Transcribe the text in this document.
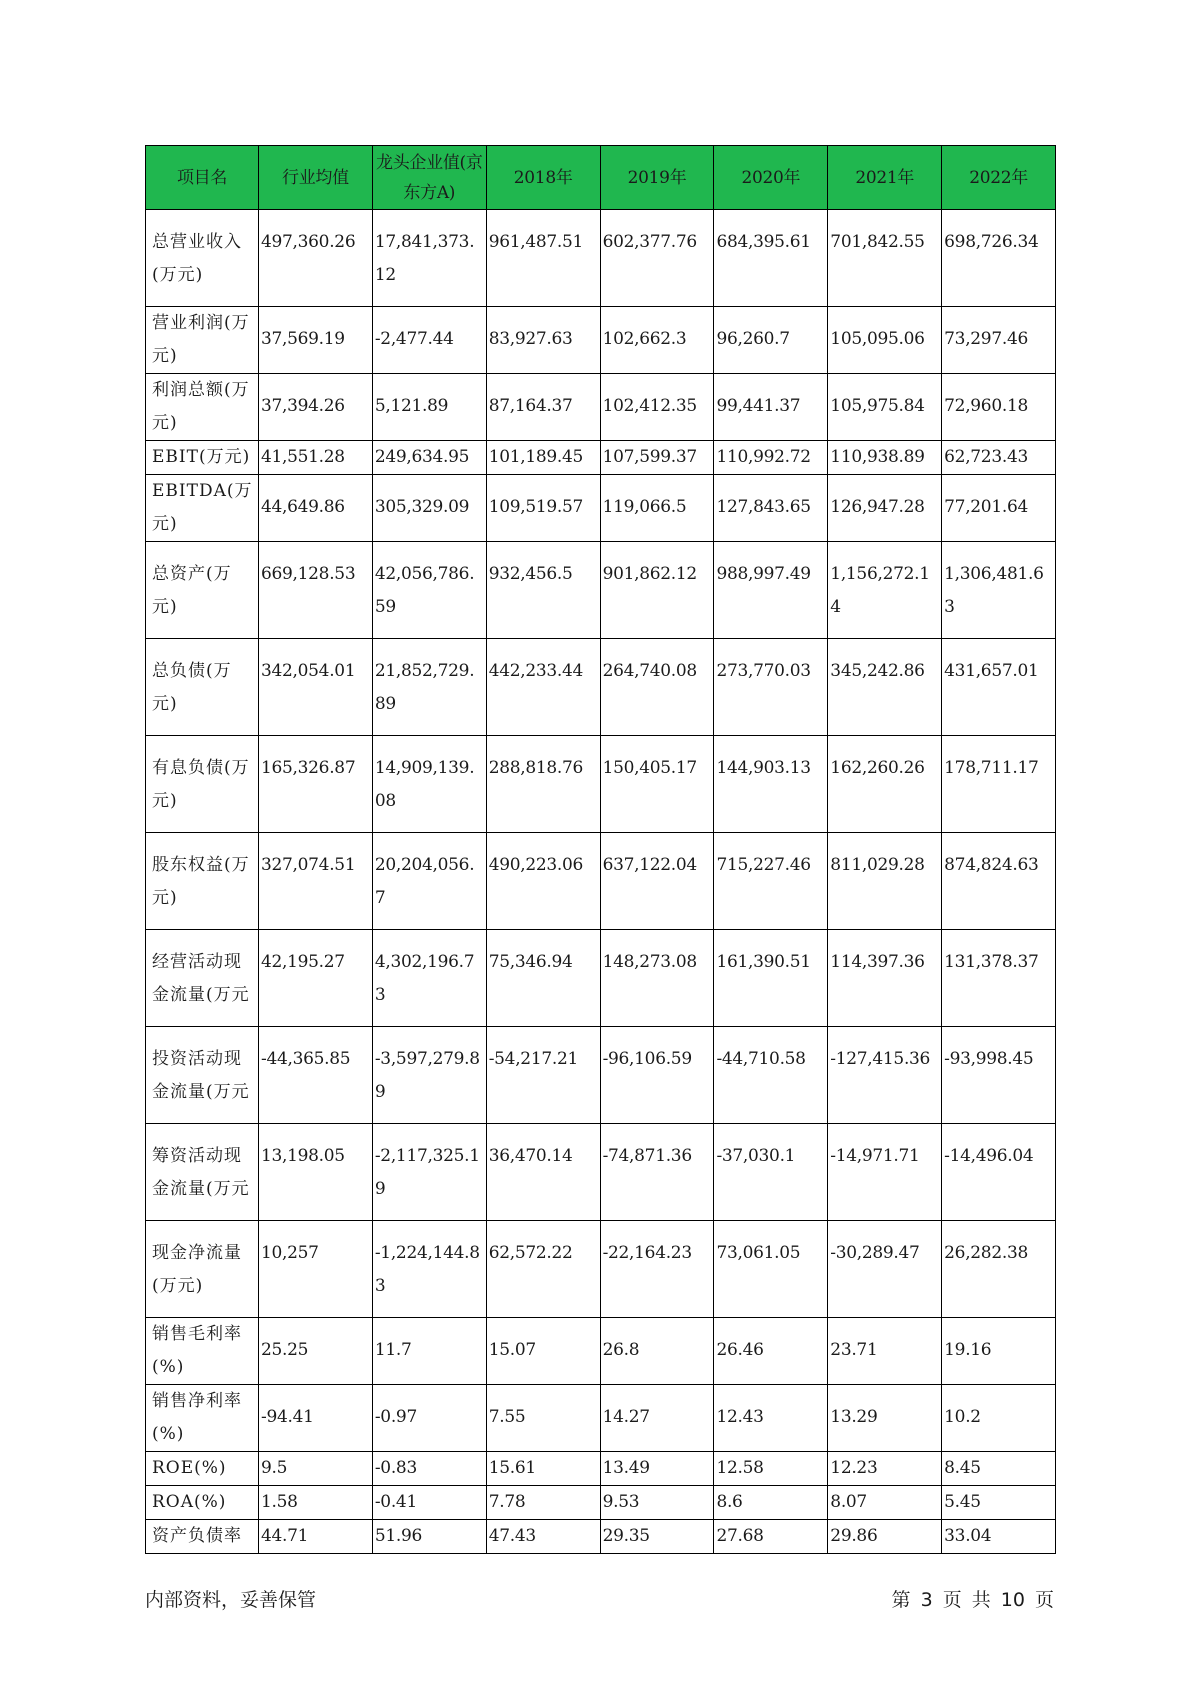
项目名	行业均值	龙头企业值(京东方A)	2018年	2019年	2020年	2021年	2022年
总营业收入(万元)	497,360.26	17,841,373.12	961,487.51	602,377.76	684,395.61	701,842.55	698,726.34
营业利润(万元)	37,569.19	-2,477.44	83,927.63	102,662.3	96,260.7	105,095.06	73,297.46
利润总额(万元)	37,394.26	5,121.89	87,164.37	102,412.35	99,441.37	105,975.84	72,960.18
EBIT(万元)	41,551.28	249,634.95	101,189.45	107,599.37	110,992.72	110,938.89	62,723.43
EBITDA(万元)	44,649.86	305,329.09	109,519.57	119,066.5	127,843.65	126,947.28	77,201.64
总资产(万元)	669,128.53	42,056,786.59	932,456.5	901,862.12	988,997.49	1,156,272.14	1,306,481.63
总负债(万元)	342,054.01	21,852,729.89	442,233.44	264,740.08	273,770.03	345,242.86	431,657.01
有息负债(万元)	165,326.87	14,909,139.08	288,818.76	150,405.17	144,903.13	162,260.26	178,711.17
股东权益(万元)	327,074.51	20,204,056.7	490,223.06	637,122.04	715,227.46	811,029.28	874,824.63
经营活动现金流量(万元	42,195.27	4,302,196.73	75,346.94	148,273.08	161,390.51	114,397.36	131,378.37
投资活动现金流量(万元	-44,365.85	-3,597,279.89	-54,217.21	-96,106.59	-44,710.58	-127,415.36	-93,998.45
筹资活动现金流量(万元	13,198.05	-2,117,325.19	36,470.14	-74,871.36	-37,030.1	-14,971.71	-14,496.04
现金净流量(万元)	10,257	-1,224,144.83	62,572.22	-22,164.23	73,061.05	-30,289.47	26,282.38
销售毛利率(%)	25.25	11.7	15.07	26.8	26.46	23.71	19.16
销售净利率(%)	-94.41	-0.97	7.55	14.27	12.43	13.29	10.2
ROE(%)	9.5	-0.83	15.61	13.49	12.58	12.23	8.45
ROA(%)	1.58	-0.41	7.78	9.53	8.6	8.07	5.45
资产负债率	44.71	51.96	47.43	29.35	27.68	29.86	33.04
内部资料，妥善保管	第 3 页 共 10 页
